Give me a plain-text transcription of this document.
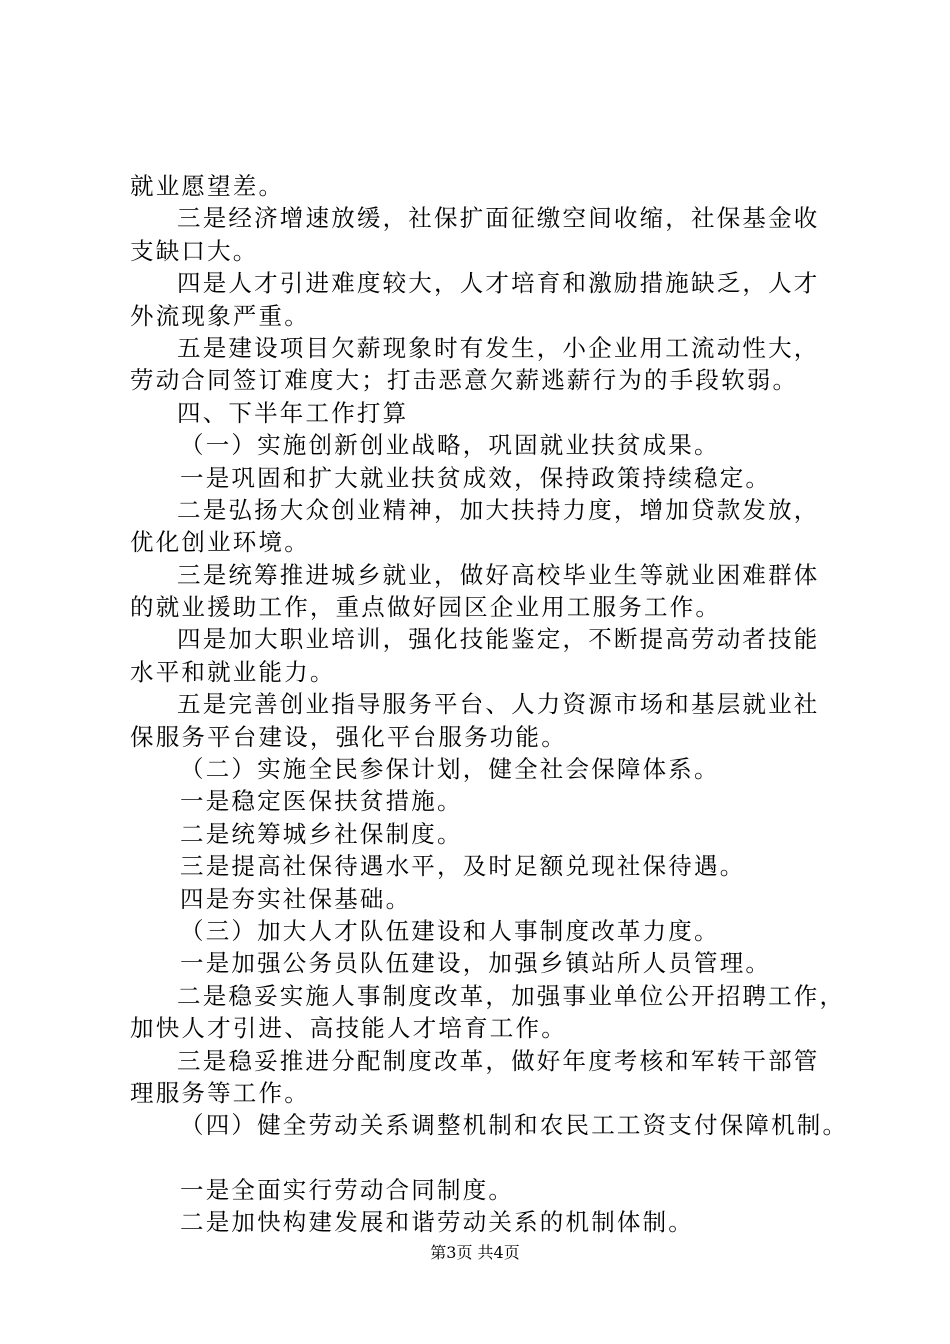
就业愿望差。
三是经济增速放缓，社保扩面征缴空间收缩，社保基金收
支缺口大。
四是人才引进难度较大，人才培育和激励措施缺乏，人才
外流现象严重。
五是建设项目欠薪现象时有发生，小企业用工流动性大，
劳动合同签订难度大；打击恶意欠薪逃薪行为的手段软弱。
四、下半年工作打算
（一）实施创新创业战略，巩固就业扶贫成果。
一是巩固和扩大就业扶贫成效，保持政策持续稳定。
二是弘扬大众创业精神，加大扶持力度，增加贷款发放，
优化创业环境。
三是统筹推进城乡就业，做好高校毕业生等就业困难群体
的就业援助工作，重点做好园区企业用工服务工作。
四是加大职业培训，强化技能鉴定，不断提高劳动者技能
水平和就业能力。
五是完善创业指导服务平台、人力资源市场和基层就业社
保服务平台建设，强化平台服务功能。
（二）实施全民参保计划，健全社会保障体系。
一是稳定医保扶贫措施。
二是统筹城乡社保制度。
三是提高社保待遇水平，及时足额兑现社保待遇。
四是夯实社保基础。
（三）加大人才队伍建设和人事制度改革力度。
一是加强公务员队伍建设，加强乡镇站所人员管理。
二是稳妥实施人事制度改革，加强事业单位公开招聘工作，
加快人才引进、高技能人才培育工作。
三是稳妥推进分配制度改革，做好年度考核和军转干部管
理服务等工作。
（四）健全劳动关系调整机制和农民工工资支付保障机制。
一是全面实行劳动合同制度。
二是加快构建发展和谐劳动关系的机制体制。
第3页 共4页
